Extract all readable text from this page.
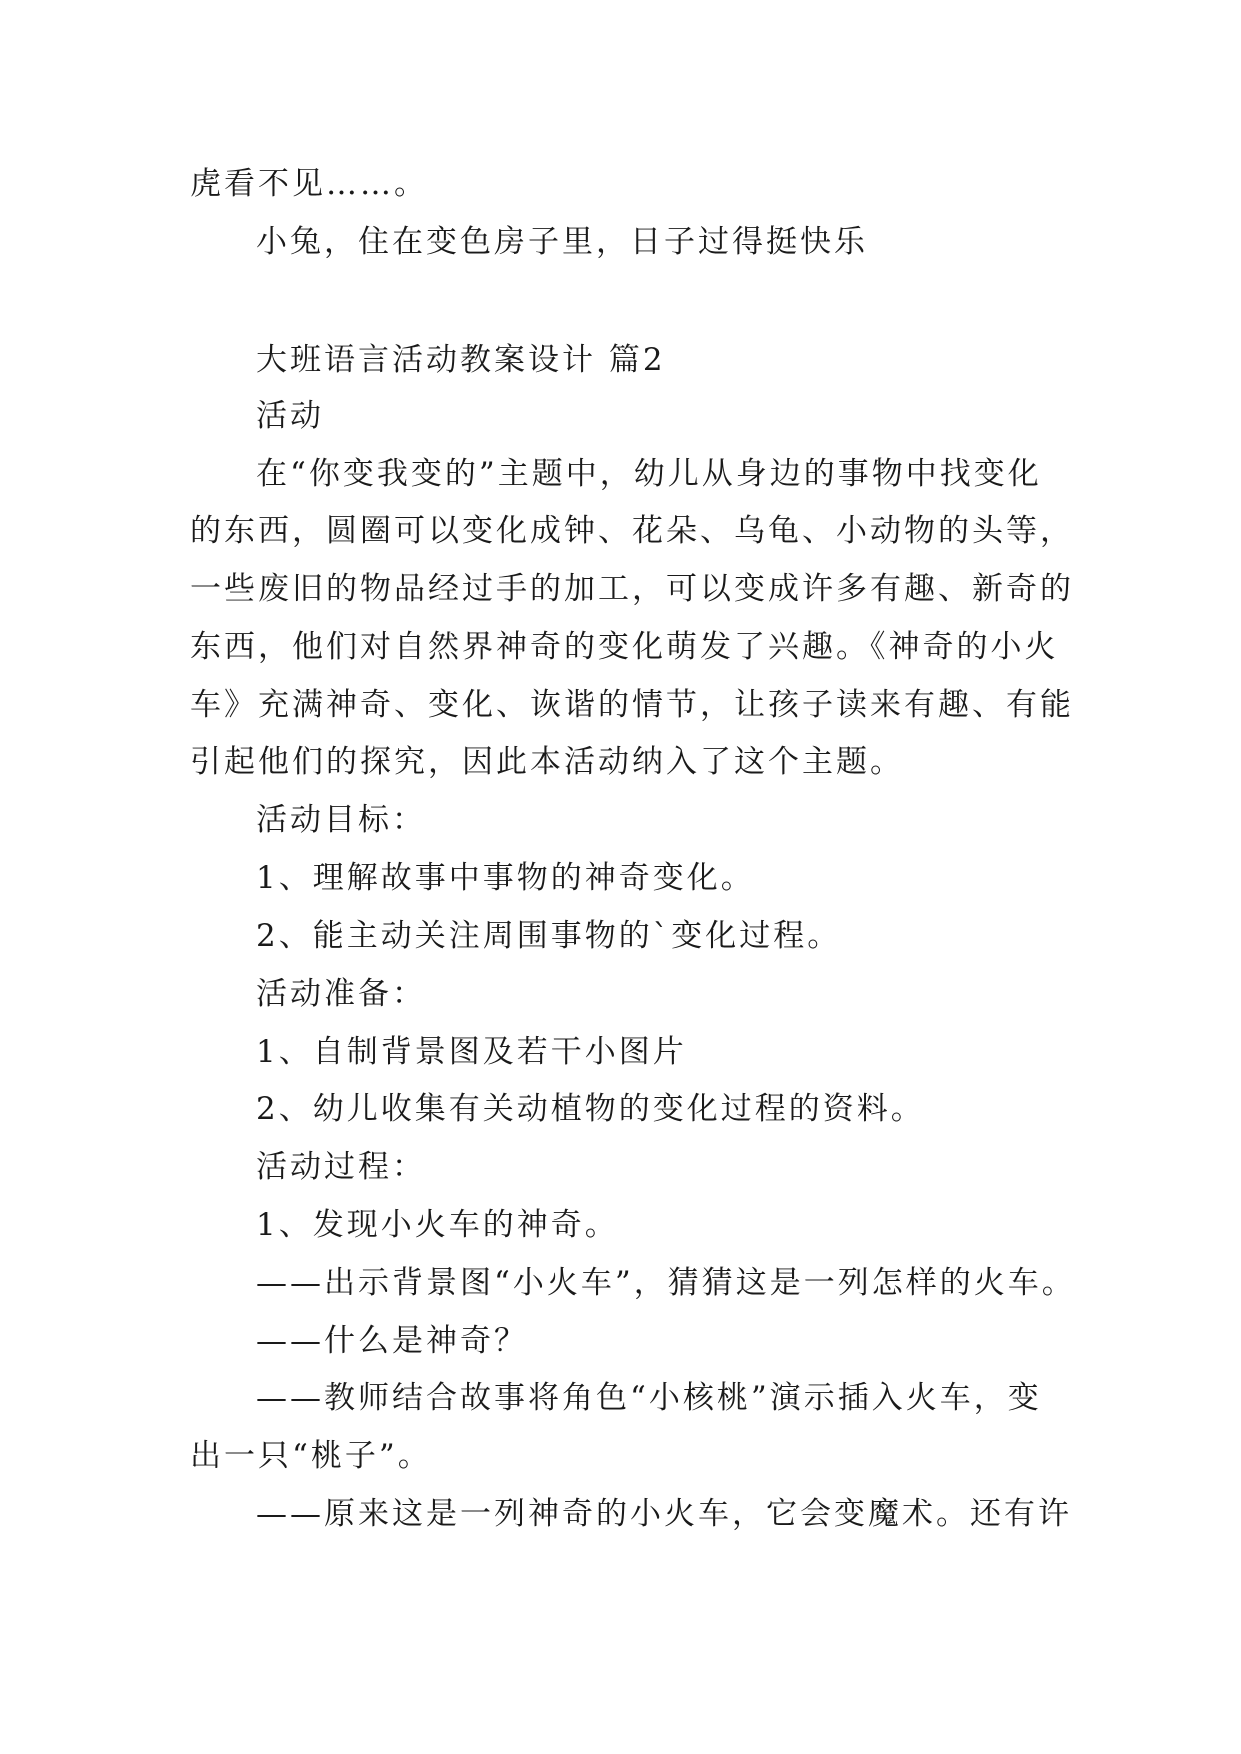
虎看不见……。
小兔，住在变色房子里，日子过得挺快乐
大班语言活动教案设计 篇2
活动
在“你变我变的”主题中，幼儿从身边的事物中找变化
的东西，圆圈可以变化成钟、花朵、乌龟、小动物的头等，
一些废旧的物品经过手的加工，可以变成许多有趣、新奇的
东西，他们对自然界神奇的变化萌发了兴趣。《神奇的小火
车》充满神奇、变化、诙谐的情节，让孩子读来有趣、有能
引起他们的探究，因此本活动纳入了这个主题。
活动目标：
1、理解故事中事物的神奇变化。
2、能主动关注周围事物的`变化过程。
活动准备：
1、自制背景图及若干小图片
2、幼儿收集有关动植物的变化过程的资料。
活动过程：
1、发现小火车的神奇。
——出示背景图“小火车”，猜猜这是一列怎样的火车。
——什么是神奇？
——教师结合故事将角色“小核桃”演示插入火车，变
出一只“桃子”。
——原来这是一列神奇的小火车，它会变魔术。还有许
